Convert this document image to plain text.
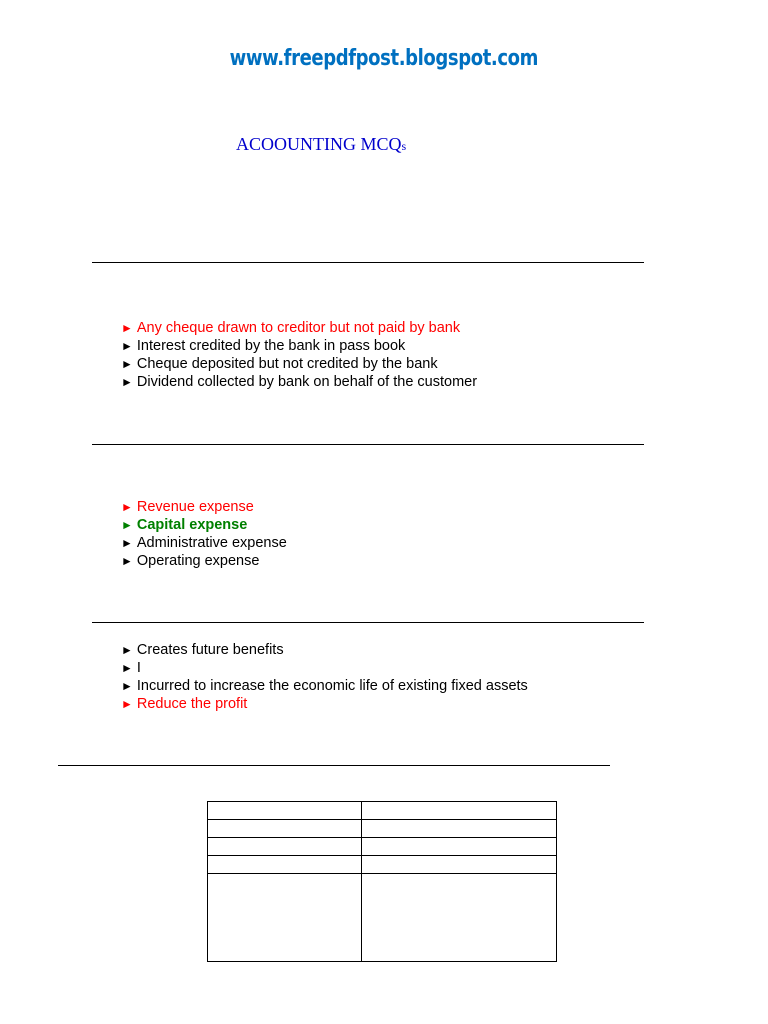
www.freepdfpost.blogspot.com
ACOOUNTING MCQs
► Any cheque drawn to creditor but not paid by bank
► Interest credited by the bank in pass book
► Cheque deposited but not credited by the bank
► Dividend collected by bank on behalf of the customer
► Revenue expense
► Capital expense
► Administrative expense
► Operating expense
► Creates future benefits
► I
► Incurred to increase the economic life of existing fixed assets
► Reduce the profit
